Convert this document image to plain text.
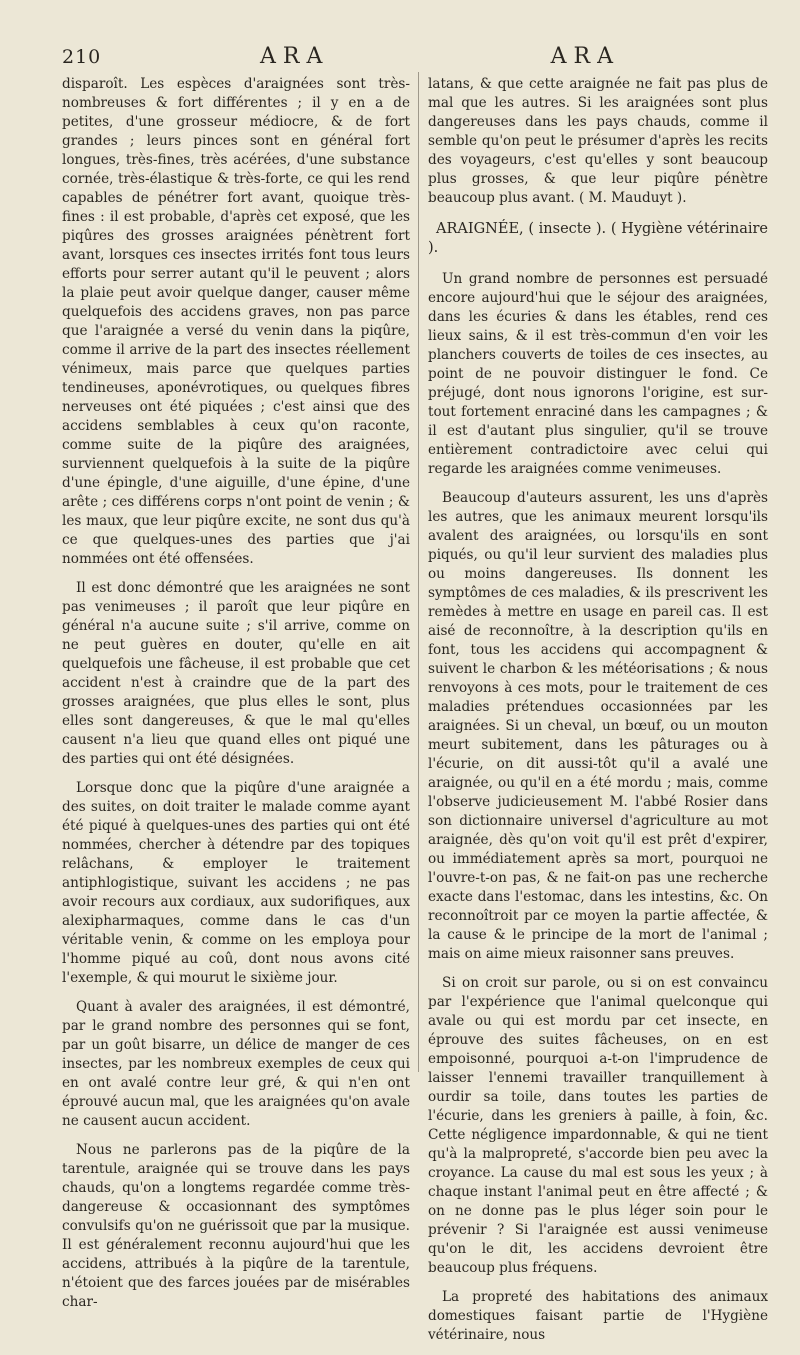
210	ARA	ARA

disparoît. Les espèces d'araignées sont très-nombreuses & fort différentes ; il y en a de petites, d'une grosseur médiocre, & de fort grandes ; leurs pinces sont en général fort longues, très-fines, très acérées, d'une substance cornée, très-élastique & très-forte, ce qui les rend capables de pénétrer fort avant, quoique très-fines : il est probable, d'après cet exposé, que les piqûres des grosses araignées pénètrent fort avant, lorsques ces insectes irrités font tous leurs efforts pour serrer autant qu'il le peuvent ; alors la plaie peut avoir quelque danger, causer même quelquefois des accidens graves, non pas parce que l'araignée a versé du venin dans la piqûre, comme il arrive de la part des insectes réellement vénimeux, mais parce que quelques parties tendineuses, aponévrotiques, ou quelques fibres nerveuses ont été piquées ; c'est ainsi que des accidens semblables à ceux qu'on raconte, comme suite de la piqûre des araignées, surviennent quelquefois à la suite de la piqûre d'une épingle, d'une aiguille, d'une épine, d'une arête ; ces différens corps n'ont point de venin ; & les maux, que leur piqûre excite, ne sont dus qu'à ce que quelques-unes des parties que j'ai nommées ont été offensées.

Il est donc démontré que les araignées ne sont pas venimeuses ; il paroît que leur piqûre en général n'a aucune suite ; s'il arrive, comme on ne peut guères en douter, qu'elle en ait quelquefois une fâcheuse, il est probable que cet accident n'est à craindre que de la part des grosses araignées, que plus elles le sont, plus elles sont dangereuses, & que le mal qu'elles causent n'a lieu que quand elles ont piqué une des parties qui ont été désignées.

Lorsque donc que la piqûre d'une araignée a des suites, on doit traiter le malade comme ayant été piqué à quelques-unes des parties qui ont été nommées, chercher à détendre par des topiques relâchans, & employer le traitement antiphlogistique, suivant les accidens ; ne pas avoir recours aux cordiaux, aux sudorifiques, aux alexipharmaques, comme dans le cas d'un véritable venin, & comme on les employa pour l'homme piqué au coû, dont nous avons cité l'exemple, & qui mourut le sixième jour.

Quant à avaler des araignées, il est démontré, par le grand nombre des personnes qui se font, par un goût bisarre, un délice de manger de ces insectes, par les nombreux exemples de ceux qui en ont avalé contre leur gré, & qui n'en ont éprouvé aucun mal, que les araignées qu'on avale ne causent aucun accident.

Nous ne parlerons pas de la piqûre de la tarentule, araignée qui se trouve dans les pays chauds, qu'on a longtems regardée comme très-dangereuse & occasionnant des symptômes convulsifs qu'on ne guérissoit que par la musique. Il est généralement reconnu aujourd'hui que les accidens, attribués à la piqûre de la tarentule, n'étoient que des farces jouées par de misérables char-

latans, & que cette araignée ne fait pas plus de mal que les autres. Si les araignées sont plus dangereuses dans les pays chauds, comme il semble qu'on peut le présumer d'après les recits des voyageurs, c'est qu'elles y sont beaucoup plus grosses, & que leur piqûre pénètre beaucoup plus avant. ( M. Mauduyt ).

ARAIGNÉE, ( insecte ). ( Hygiène vétérinaire ).

Un grand nombre de personnes est persuadé encore aujourd'hui que le séjour des araignées, dans les écuries & dans les étables, rend ces lieux sains, & il est très-commun d'en voir les planchers couverts de toiles de ces insectes, au point de ne pouvoir distinguer le fond. Ce préjugé, dont nous ignorons l'origine, est sur-tout fortement enraciné dans les campagnes ; & il est d'autant plus singulier, qu'il se trouve entièrement contradictoire avec celui qui regarde les araignées comme venimeuses.

Beaucoup d'auteurs assurent, les uns d'après les autres, que les animaux meurent lorsqu'ils avalent des araignées, ou lorsqu'ils en sont piqués, ou qu'il leur survient des maladies plus ou moins dangereuses. Ils donnent les symptômes de ces maladies, & ils prescrivent les remèdes à mettre en usage en pareil cas. Il est aisé de reconnoître, à la description qu'ils en font, tous les accidens qui accompagnent & suivent le charbon & les météorisations ; & nous renvoyons à ces mots, pour le traitement de ces maladies prétendues occasionnées par les araignées. Si un cheval, un bœuf, ou un mouton meurt subitement, dans les pâturages ou à l'écurie, on dit aussi-tôt qu'il a avalé une araignée, ou qu'il en a été mordu ; mais, comme l'observe judicieusement M. l'abbé Rosier dans son dictionnaire universel d'agriculture au mot araignée, dès qu'on voit qu'il est prêt d'expirer, ou immédiatement après sa mort, pourquoi ne l'ouvre-t-on pas, & ne fait-on pas une recherche exacte dans l'estomac, dans les intestins, &c. On reconnoîtroit par ce moyen la partie affectée, & la cause & le principe de la mort de l'animal ; mais on aime mieux raisonner sans preuves.

Si on croit sur parole, ou si on est convaincu par l'expérience que l'animal quelconque qui avale ou qui est mordu par cet insecte, en éprouve des suites fâcheuses, on en est empoisonné, pourquoi a-t-on l'imprudence de laisser l'ennemi travailler tranquillement à ourdir sa toile, dans toutes les parties de l'écurie, dans les greniers à paille, à foin, &c. Cette négligence impardonnable, & qui ne tient qu'à la malpropreté, s'accorde bien peu avec la croyance. La cause du mal est sous les yeux ; à chaque instant l'animal peut en être affecté ; & on ne donne pas le plus léger soin pour le prévenir ? Si l'araignée est aussi venimeuse qu'on le dit, les accidens devroient être beaucoup plus fréquens.

La propreté des habitations des animaux domestiques faisant partie de l'Hygiène vétérinaire, nous
